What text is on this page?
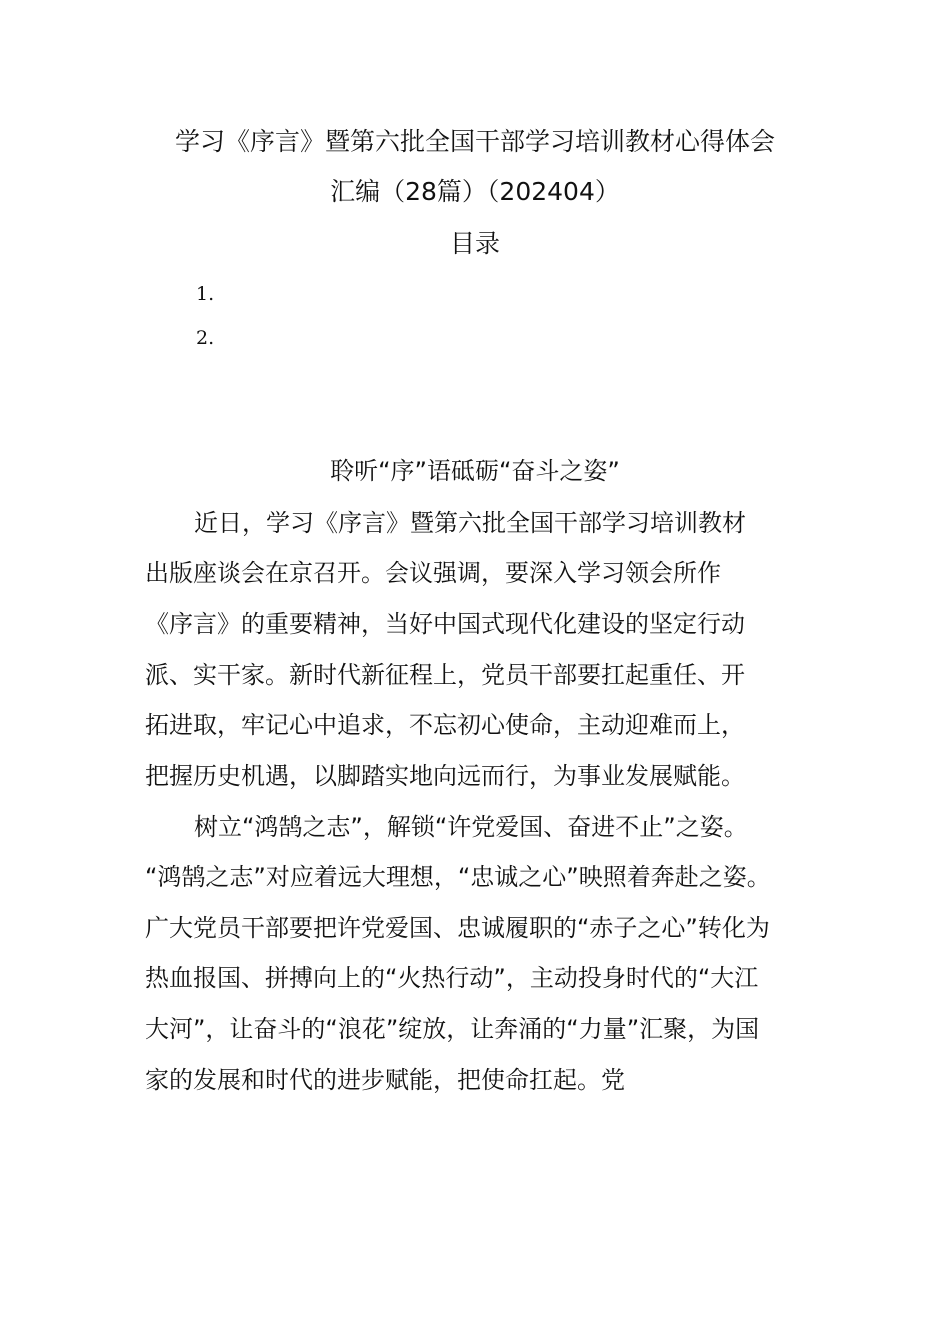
学习《序言》暨第六批全国干部学习培训教材心得体会
汇编（28篇）（202404）
目录
1.
2.
聆听“序”语砥砺“奋斗之姿”
近日，学习《序言》暨第六批全国干部学习培训教材
出版座谈会在京召开。会议强调，要深入学习领会所作
《序言》的重要精神，当好中国式现代化建设的坚定行动
派、实干家。新时代新征程上，党员干部要扛起重任、开
拓进取，牢记心中追求，不忘初心使命，主动迎难而上，
把握历史机遇，以脚踏实地向远而行，为事业发展赋能。
树立“鸿鹄之志”，解锁“许党爱国、奋进不止”之姿。
“鸿鹄之志”对应着远大理想，“忠诚之心”映照着奔赴之姿。
广大党员干部要把许党爱国、忠诚履职的“赤子之心”转化为
热血报国、拼搏向上的“火热行动”，主动投身时代的“大江
大河”，让奋斗的“浪花”绽放，让奔涌的“力量”汇聚，为国
家的发展和时代的进步赋能，把使命扛起。党
